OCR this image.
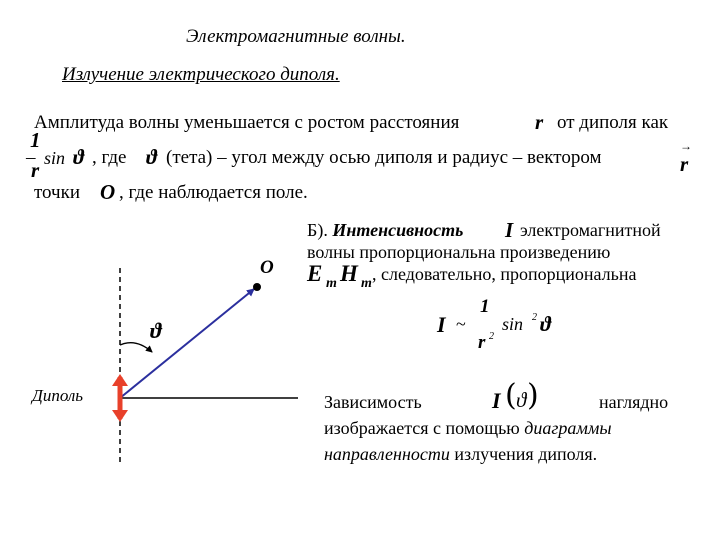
Электромагнитные волны.
Излучение электрического диполя.
Амплитуда волны уменьшается с ростом расстояния	r от диполя как
1
r
– sin ϑ , где ϑ (тета) – угол между осью диполя и радиус – вектором	r
→
точки O , где наблюдается поле.
Б). Интенсивность I электромагнитной
волны пропорциональна произведению
E m H m , следовательно, пропорциональна
I ~
1
r 2
sin 2 ϑ
Зависимость	I ( ϑ )	наглядно
изображается с помощью диаграммы
направленности излучения диполя.
O
ϑ
Диполь
